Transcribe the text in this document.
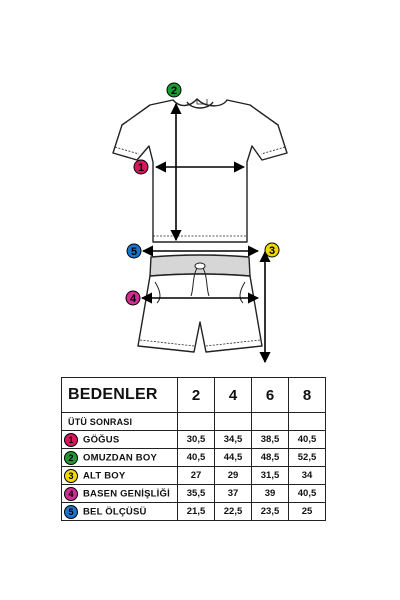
1
2
3
4
5
BEDENLER	2	4	6	8
ÜTÜ SONRASI				
1 GÖĞUS	30,5	34,5	38,5	40,5
2 OMUZDAN BOY	40,5	44,5	48,5	52,5
3 ALT BOY	27	29	31,5	34
4 BASEN GENİŞLİĞİ	35,5	37	39	40,5
5 BEL ÖLÇÜSÜ	21,5	22,5	23,5	25
